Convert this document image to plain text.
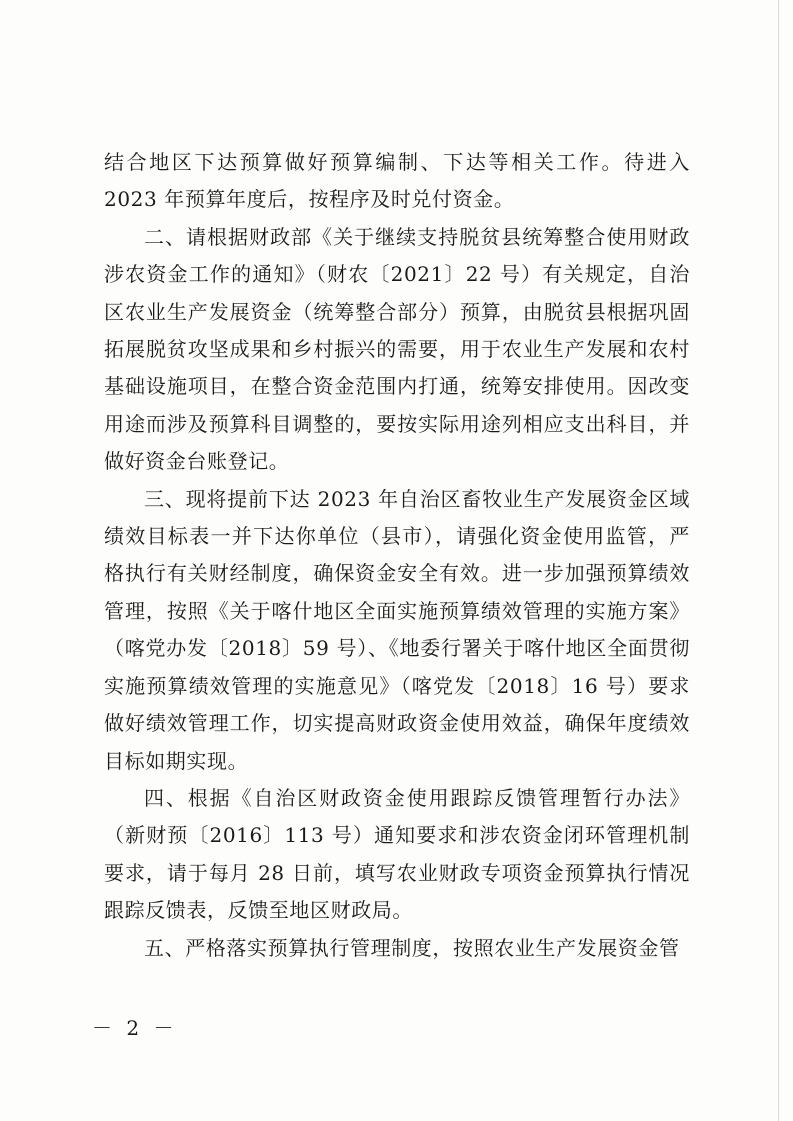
结合地区下达预算做好预算编制、下达等相关工作。待进入 2023 年预算年度后，按程序及时兑付资金。

二、请根据财政部《关于继续支持脱贫县统筹整合使用财政涉农资金工作的通知》（财农〔2021〕22 号）有关规定，自治区农业生产发展资金（统筹整合部分）预算，由脱贫县根据巩固拓展脱贫攻坚成果和乡村振兴的需要，用于农业生产发展和农村基础设施项目，在整合资金范围内打通，统筹安排使用。因改变用途而涉及预算科目调整的，要按实际用途列相应支出科目，并做好资金台账登记。

三、现将提前下达 2023 年自治区畜牧业生产发展资金区域绩效目标表一并下达你单位（县市），请强化资金使用监管，严格执行有关财经制度，确保资金安全有效。进一步加强预算绩效管理，按照《关于喀什地区全面实施预算绩效管理的实施方案》（喀党办发〔2018〕59 号）、《地委行署关于喀什地区全面贯彻实施预算绩效管理的实施意见》（喀党发〔2018〕16 号）要求做好绩效管理工作，切实提高财政资金使用效益，确保年度绩效目标如期实现。

四、根据《自治区财政资金使用跟踪反馈管理暂行办法》（新财预〔2016〕113 号）通知要求和涉农资金闭环管理机制要求，请于每月 28 日前，填写农业财政专项资金预算执行情况跟踪反馈表，反馈至地区财政局。

五、严格落实预算执行管理制度，按照农业生产发展资金管

－ 2 －
